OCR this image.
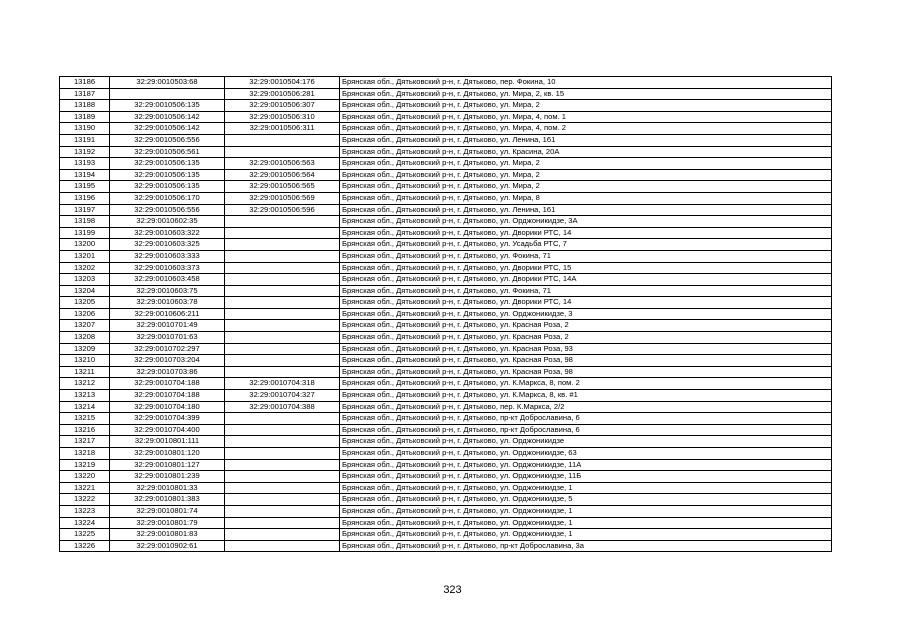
13186	32:29:0010503:68	32:29:0010504:176	Брянская обл., Дятьковский р-н, г. Дятьково, пер. Фокина, 10
13187		32:29:0010506:281	Брянская обл., Дятьковский р-н, г. Дятьково, ул. Мира, 2, кв. 15
13188	32:29:0010506:135	32:29:0010506:307	Брянская обл., Дятьковский р-н, г. Дятьково, ул. Мира, 2
13189	32:29:0010506:142	32:29:0010506:310	Брянская обл., Дятьковский р-н, г. Дятьково, ул. Мира, 4, пом. 1
13190	32:29:0010506:142	32:29:0010506:311	Брянская обл., Дятьковский р-н, г. Дятьково, ул. Мира, 4, пом. 2
13191	32:29:0010506:556		Брянская обл., Дятьковский р-н, г. Дятьково, ул. Ленина, 161
13192	32:29:0010506:561		Брянская обл., Дятьковский р-н, г. Дятьково, ул. Красина, 20А
13193	32:29:0010506:135	32:29:0010506:563	Брянская обл., Дятьковский р-н, г. Дятьково, ул. Мира, 2
13194	32:29:0010506:135	32:29:0010506:564	Брянская обл., Дятьковский р-н, г. Дятьково, ул. Мира, 2
13195	32:29:0010506:135	32:29:0010506:565	Брянская обл., Дятьковский р-н, г. Дятьково, ул. Мира, 2
13196	32:29:0010506:170	32:29:0010506:569	Брянская обл., Дятьковский р-н, г. Дятьково, ул. Мира, 8
13197	32:29:0010506:556	32:29:0010506:596	Брянская обл., Дятьковский р-н, г. Дятьково, ул. Ленина, 161
13198	32:29:0010602:35		Брянская обл., Дятьковский р-н, г. Дятьково, ул. Орджоникидзе, 3А
13199	32:29:0010603:322		Брянская обл., Дятьковский р-н, г. Дятьково, ул. Дворики РТС, 14
13200	32:29:0010603:325		Брянская обл., Дятьковский р-н, г. Дятьково, ул. Усадьба РТС, 7
13201	32:29:0010603:333		Брянская обл., Дятьковский р-н, г. Дятьково, ул. Фокина, 71
13202	32:29:0010603:373		Брянская обл., Дятьковский р-н, г. Дятьково, ул. Дворики РТС, 15
13203	32:29:0010603:458		Брянская обл., Дятьковский р-н, г. Дятьково, ул. Дворики РТС, 14А
13204	32:29:0010603:75		Брянская обл., Дятьковский р-н, г. Дятьково, ул. Фокина, 71
13205	32:29:0010603:78		Брянская обл., Дятьковский р-н, г. Дятьково, ул. Дворики РТС, 14
13206	32:29:0010606:211		Брянская обл., Дятьковский р-н, г. Дятьково, ул. Орджоникидзе, 3
13207	32:29:0010701:49		Брянская обл., Дятьковский р-н, г. Дятьково, ул. Красная Роза, 2
13208	32:29:0010701:63		Брянская обл., Дятьковский р-н, г. Дятьково, ул. Красная Роза, 2
13209	32:29:0010702:297		Брянская обл., Дятьковский р-н, г. Дятьково, ул. Красная Роза, 93
13210	32:29:0010703:204		Брянская обл., Дятьковский р-н, г. Дятьково, ул. Красная Роза, 98
13211	32:29:0010703:86		Брянская обл., Дятьковский р-н, г. Дятьково, ул. Красная Роза, 98
13212	32:29:0010704:188	32:29:0010704:318	Брянская обл., Дятьковский р-н, г. Дятьково, ул. К.Маркса, 8, пом. 2
13213	32:29:0010704:188	32:29:0010704:327	Брянская обл., Дятьковский р-н, г. Дятьково, ул. К.Маркса, 8, кв. #1
13214	32:29:0010704:180	32:29:0010704:388	Брянская обл., Дятьковский р-н, г. Дятьково, пер. К.Маркса, 2/2
13215	32:29:0010704:399		Брянская обл., Дятьковский р-н, г. Дятьково, пр-кт Доброславина, 6
13216	32:29:0010704:400		Брянская обл., Дятьковский р-н, г. Дятьково, пр-кт Доброславина, 6
13217	32:29:0010801:111		Брянская обл., Дятьковский р-н, г. Дятьково, ул. Орджоникидзе
13218	32:29:0010801:120		Брянская обл., Дятьковский р-н, г. Дятьково, ул. Орджоникидзе, 63
13219	32:29:0010801:127		Брянская обл., Дятьковский р-н, г. Дятьково, ул. Орджоникидзе, 11А
13220	32:29:0010801:239		Брянская обл., Дятьковский р-н, г. Дятьково, ул. Орджоникидзе, 11Б
13221	32:29:0010801:33		Брянская обл., Дятьковский р-н, г. Дятьково, ул. Орджоникидзе, 1
13222	32:29:0010801:383		Брянская обл., Дятьковский р-н, г. Дятьково, ул. Орджоникидзе, 5
13223	32:29:0010801:74		Брянская обл., Дятьковский р-н, г. Дятьково, ул. Орджоникидзе, 1
13224	32:29:0010801:79		Брянская обл., Дятьковский р-н, г. Дятьково, ул. Орджоникидзе, 1
13225	32:29:0010801:83		Брянская обл., Дятьковский р-н, г. Дятьково, ул. Орджоникидзе, 1
13226	32:29:0010902:61		Брянская обл., Дятьковский р-н, г. Дятьково, пр-кт Доброславина, 3а
323
